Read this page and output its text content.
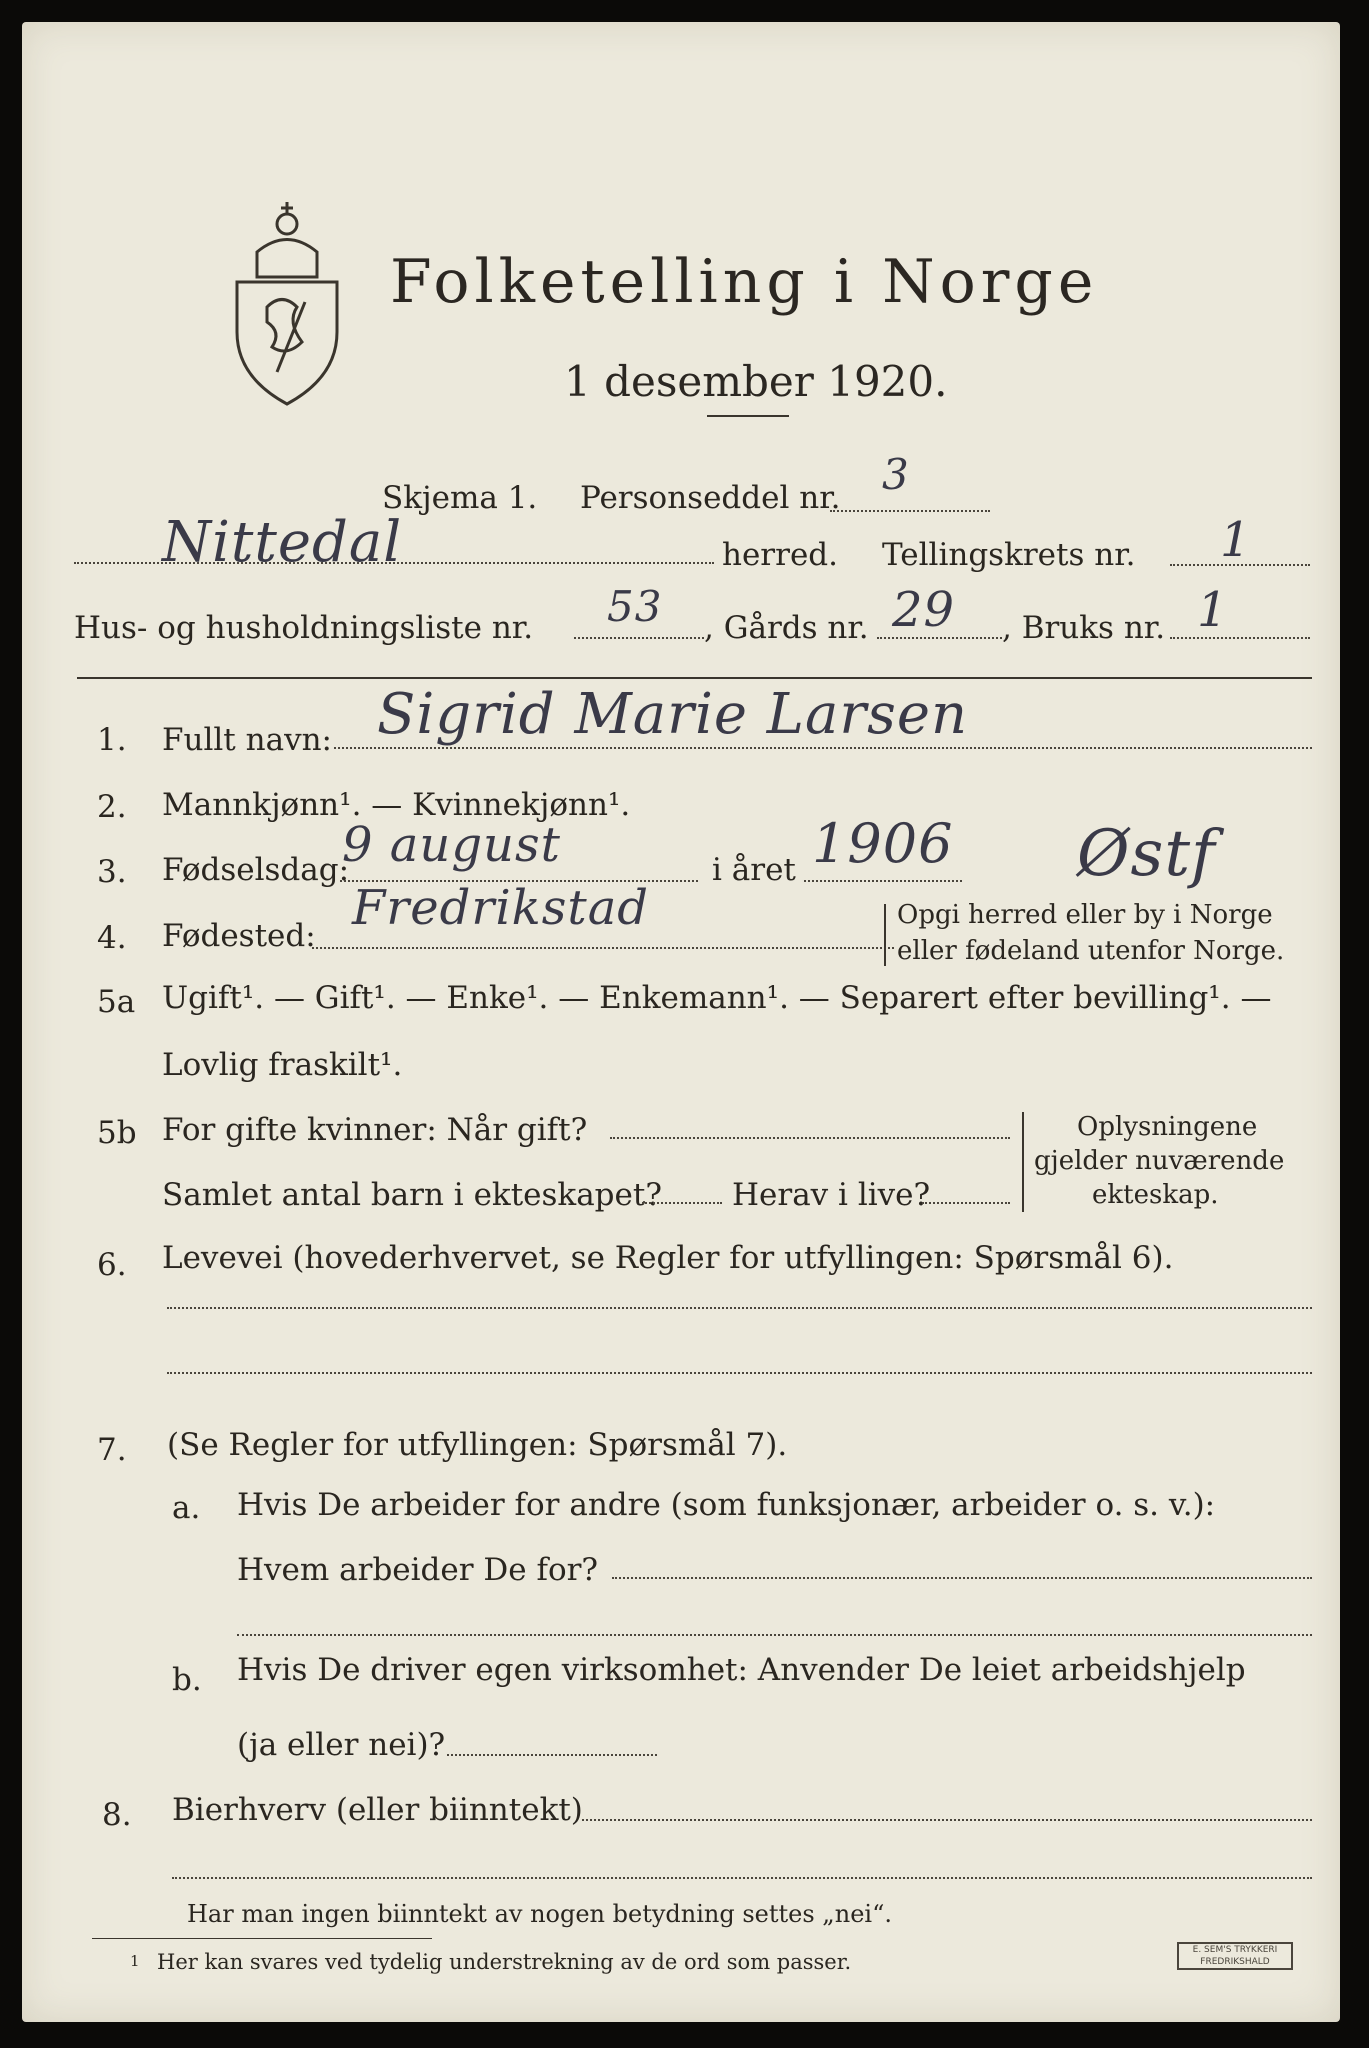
Folketelling i Norge
1 desember 1920.
Skjema 1. Personseddel nr. 3
Nittedal	herred. Tellingskrets nr. 1
Hus- og husholdningsliste nr. 53 , Gårds nr. 29 , Bruks nr. 1
1. Fullt navn: Sigrid Marie Larsen
2. Mannkjønn¹. — Kvinnekjønn¹.
3. Fødselsdag:
9 august	i året 1906 Østf
4. Fødested: Fredrikstad	Opgi herred eller by i Norge
eller fødeland utenfor Norge.
5a Ugift¹. — Gift¹. — Enke¹. — Enkemann¹. — Separert efter bevilling¹. —
Lovlig fraskilt¹.
5b For gifte kvinner: Når gift?
Samlet antal barn i ekteskapet? Herav i live?
Oplysningene
gjelder nuværende
ekteskap.
6. Levevei (hovederhvervet, se Regler for utfyllingen: Spørsmål 6).
7. (Se Regler for utfyllingen: Spørsmål 7).
a. Hvis De arbeider for andre (som funksjonær, arbeider o. s. v.):
Hvem arbeider De for?
b. Hvis De driver egen virksomhet: Anvender De leiet arbeidshjelp
(ja eller nei)?
8. Bierhverv (eller biinntekt)
Har man ingen biinntekt av nogen betydning settes „nei“.
1 Her kan svares ved tydelig understrekning av de ord som passer.	E. SEM'S TRYKKERI FREDRIKSHALD
